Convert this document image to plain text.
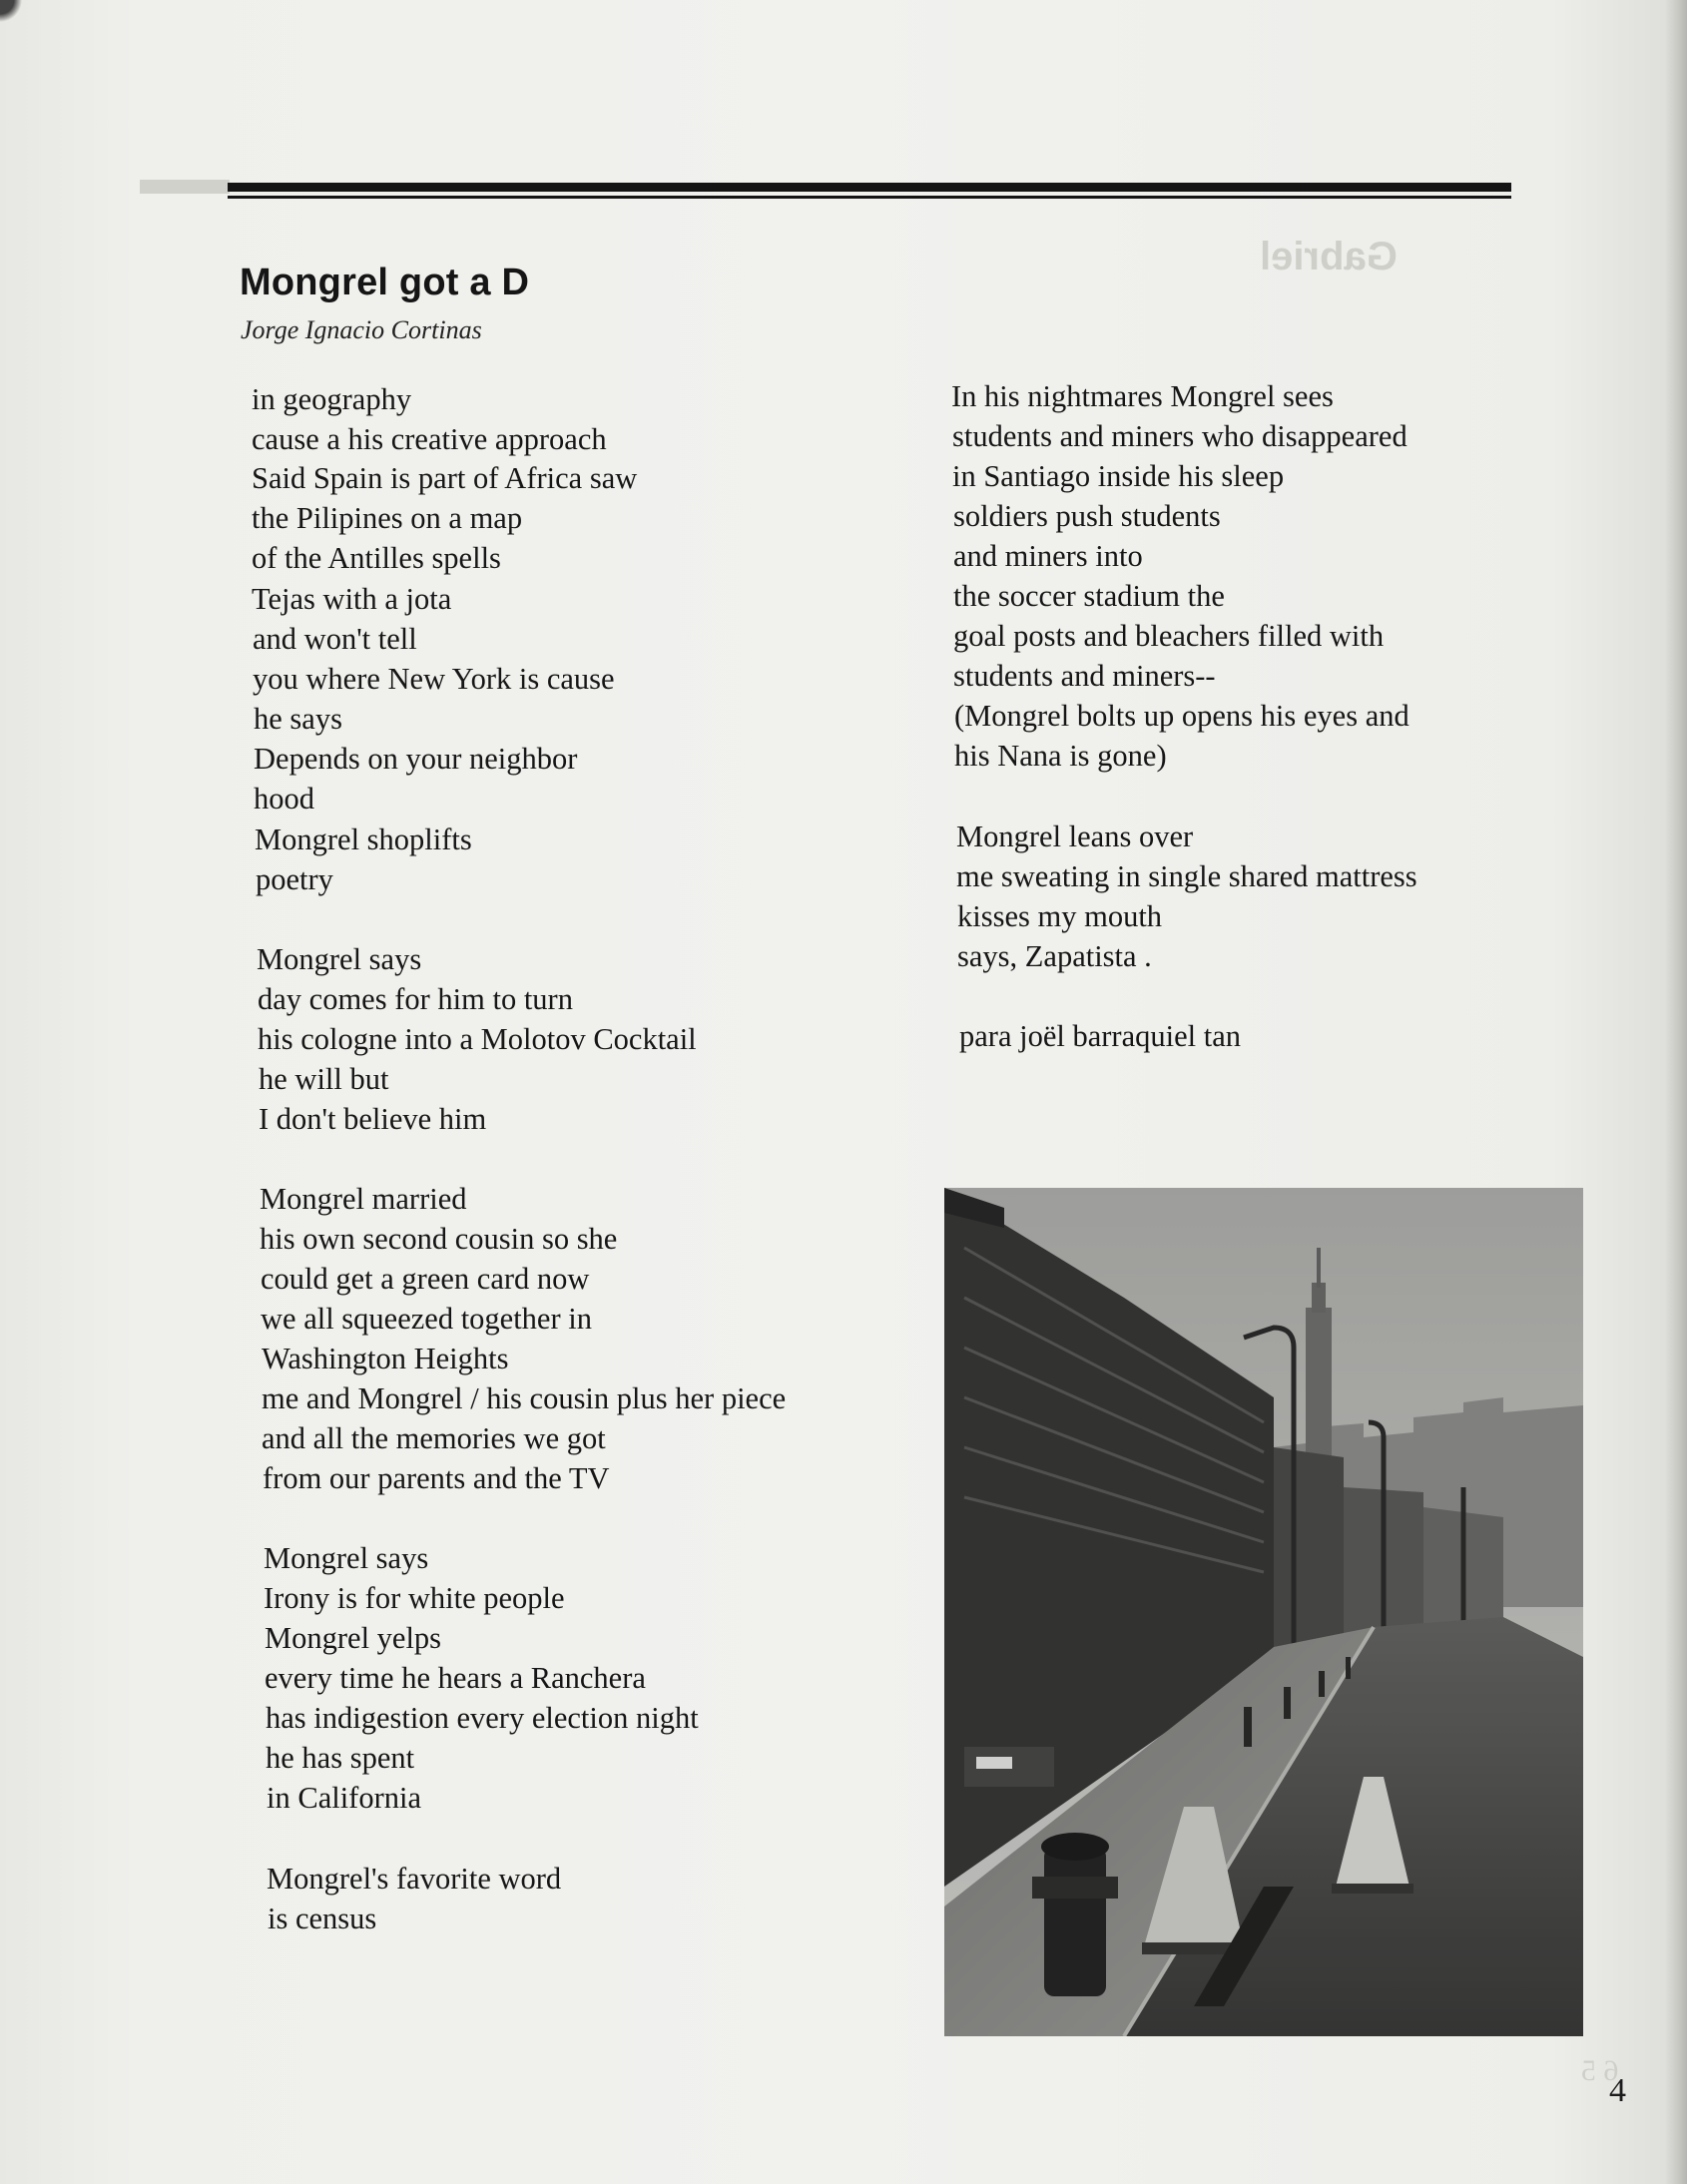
Gabriel
Mongrel got a D

Jorge Ignacio Cortinas

in geography

cause a his creative approach

Said Spain is part of Africa saw

the Pilipines on a map

of the Antilles spells

Tejas with a jota

and won't tell

you where New York is cause

he says

Depends on your neighbor

hood

Mongrel shoplifts

poetry

Mongrel says

day comes for him to turn

his cologne into a Molotov Cocktail

he will but

I don't believe him

Mongrel married

his own second cousin so she

could get a green card now

we all squeezed together in

Washington Heights

me and Mongrel / his cousin plus her piece

and all the memories we got

from our parents and the TV

Mongrel says

Irony is for white people

Mongrel yelps

every time he hears a Ranchera

has indigestion every election night

he has spent

in California

Mongrel's favorite word

is census

In his nightmares Mongrel sees

students and miners who disappeared

in Santiago inside his sleep

soldiers push students

and miners into

the soccer stadium the

goal posts and bleachers filled with

students and miners--

(Mongrel bolts up opens his eyes and

his Nana is gone)

Mongrel leans over

me sweating in single shared mattress

kisses my mouth

says, Zapatista .

para joël barraquiel tan

6 5

4
